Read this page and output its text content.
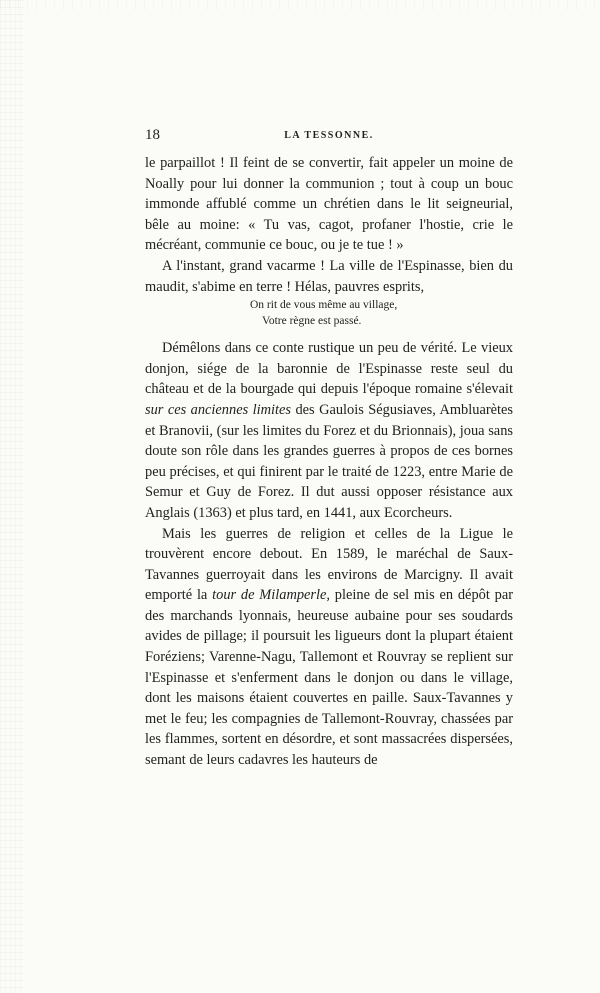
18	LA TESSONNE.

le parpaillot ! Il feint de se convertir, fait appeler un moine de Noally pour lui donner la communion ; tout à coup un bouc immonde affublé comme un chrétien dans le lit seigneurial, bêle au moine: « Tu vas, cagot, profaner l'hostie, crie le mécréant, communie ce bouc, ou je te tue ! »

A l'instant, grand vacarme ! La ville de l'Espinasse, bien du maudit, s'abime en terre ! Hélas, pauvres esprits,

On rit de vous même au village,
Votre règne est passé.

Démêlons dans ce conte rustique un peu de vérité. Le vieux donjon, siége de la baronnie de l'Espinasse reste seul du château et de la bourgade qui depuis l'époque romaine s'élevait sur ces anciennes limites des Gaulois Ségusiaves, Ambluarètes et Branovii, (sur les limites du Forez et du Brionnais), joua sans doute son rôle dans les grandes guerres à propos de ces bornes peu précises, et qui finirent par le traité de 1223, entre Marie de Semur et Guy de Forez. Il dut aussi opposer résistance aux Anglais (1363) et plus tard, en 1441, aux Ecorcheurs.

Mais les guerres de religion et celles de la Ligue le trouvèrent encore debout. En 1589, le maréchal de Saux-Tavannes guerroyait dans les environs de Marcigny. Il avait emporté la tour de Milamperle, pleine de sel mis en dépôt par des marchands lyonnais, heureuse aubaine pour ses soudards avides de pillage; il poursuit les ligueurs dont la plupart étaient Foréziens; Varenne-Nagu, Tallemont et Rouvray se replient sur l'Espinasse et s'enferment dans le donjon ou dans le village, dont les maisons étaient couvertes en paille. Saux-Tavannes y met le feu; les compagnies de Tallemont-Rouvray, chassées par les flammes, sortent en désordre, et sont massacrées dispersées, semant de leurs cadavres les hauteurs de
